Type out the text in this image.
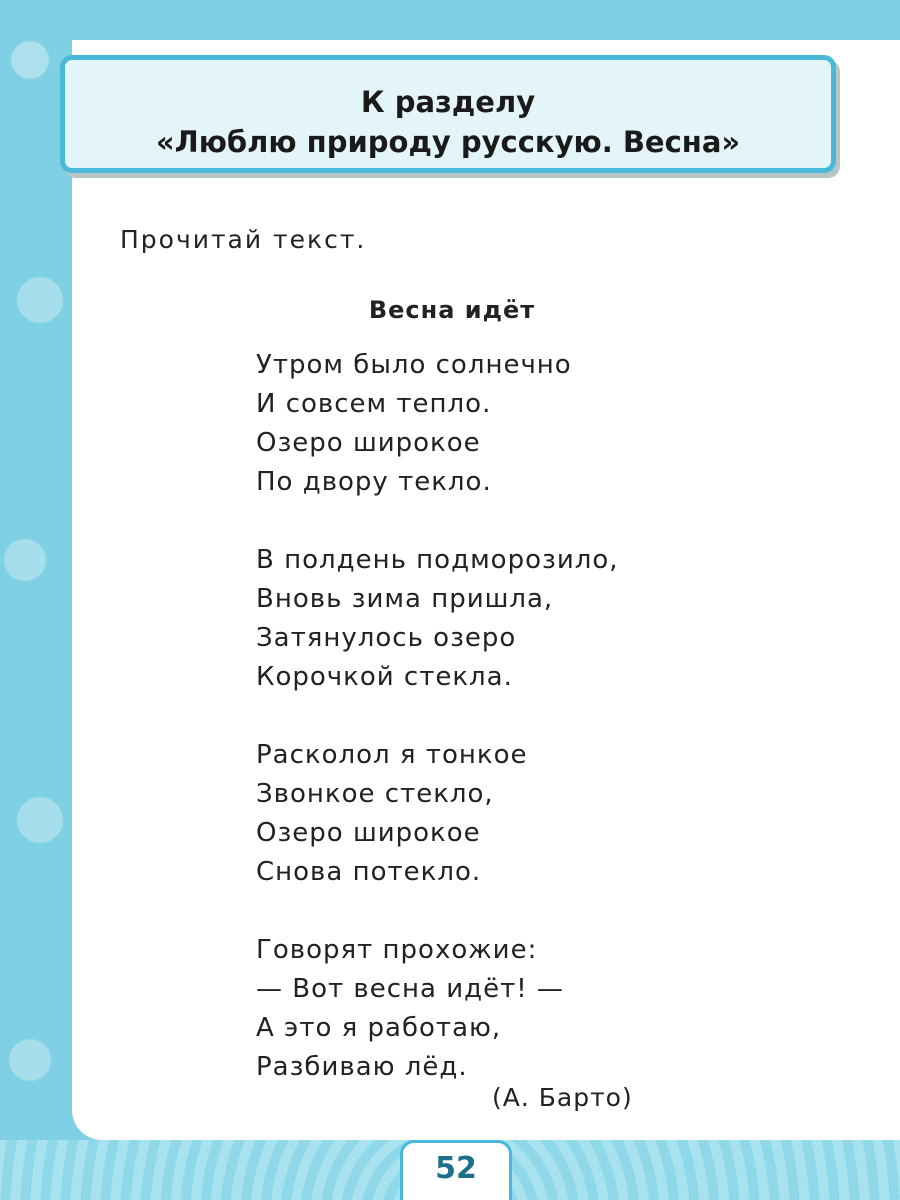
К разделу
«Люблю природу русскую. Весна»
Прочитай текст.
Весна идёт
Утром было солнечно
И совсем тепло.
Озеро широкое
По двору текло.
В полдень подморозило,
Вновь зима пришла,
Затянулось озеро
Корочкой стекла.
Расколол я тонкое
Звонкое стекло,
Озеро широкое
Снова потекло.
Говорят прохожие:
— Вот весна идёт! —
А это я работаю,
Разбиваю лёд.
(А. Барто)
52
